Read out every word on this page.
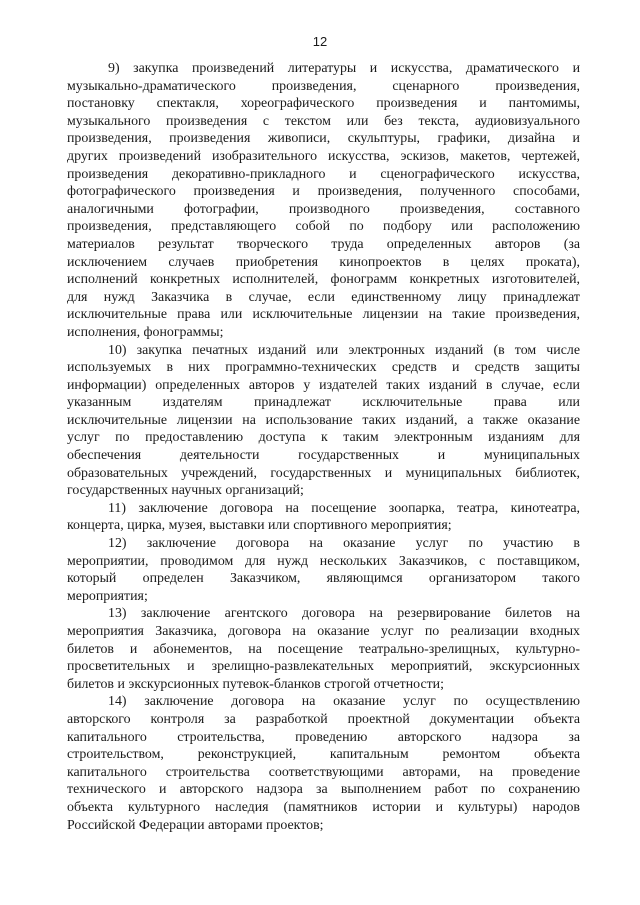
12
9) закупка произведений литературы и искусства, драматического и
музыкально-драматического произведения, сценарного произведения,
постановку спектакля, хореографического произведения и пантомимы,
музыкального произведения с текстом или без текста, аудиовизуального
произведения, произведения живописи, скульптуры, графики, дизайна и
других произведений изобразительного искусства, эскизов, макетов, чертежей,
произведения декоративно-прикладного и сценографического искусства,
фотографического произведения и произведения, полученного способами,
аналогичными фотографии, производного произведения, составного
произведения, представляющего собой по подбору или расположению
материалов результат творческого труда определенных авторов (за
исключением случаев приобретения кинопроектов в целях проката),
исполнений конкретных исполнителей, фонограмм конкретных изготовителей,
для нужд Заказчика в случае, если единственному лицу принадлежат
исключительные права или исключительные лицензии на такие произведения,
исполнения, фонограммы;
10) закупка печатных изданий или электронных изданий (в том числе
используемых в них программно-технических средств и средств защиты
информации) определенных авторов у издателей таких изданий в случае, если
указанным издателям принадлежат исключительные права или
исключительные лицензии на использование таких изданий, а также оказание
услуг по предоставлению доступа к таким электронным изданиям для
обеспечения деятельности государственных и муниципальных
образовательных учреждений, государственных и муниципальных библиотек,
государственных научных организаций;
11) заключение договора на посещение зоопарка, театра, кинотеатра,
концерта, цирка, музея, выставки или спортивного мероприятия;
12) заключение договора на оказание услуг по участию в
мероприятии, проводимом для нужд нескольких Заказчиков, с поставщиком,
который определен Заказчиком, являющимся организатором такого
мероприятия;
13) заключение агентского договора на резервирование билетов на
мероприятия Заказчика, договора на оказание услуг по реализации входных
билетов и абонементов, на посещение театрально-зрелищных, культурно-
просветительных и зрелищно-развлекательных мероприятий, экскурсионных
билетов и экскурсионных путевок-бланков строгой отчетности;
14) заключение договора на оказание услуг по осуществлению
авторского контроля за разработкой проектной документации объекта
капитального строительства, проведению авторского надзора за
строительством, реконструкцией, капитальным ремонтом объекта
капитального строительства соответствующими авторами, на проведение
технического и авторского надзора за выполнением работ по сохранению
объекта культурного наследия (памятников истории и культуры) народов
Российской Федерации авторами проектов;
